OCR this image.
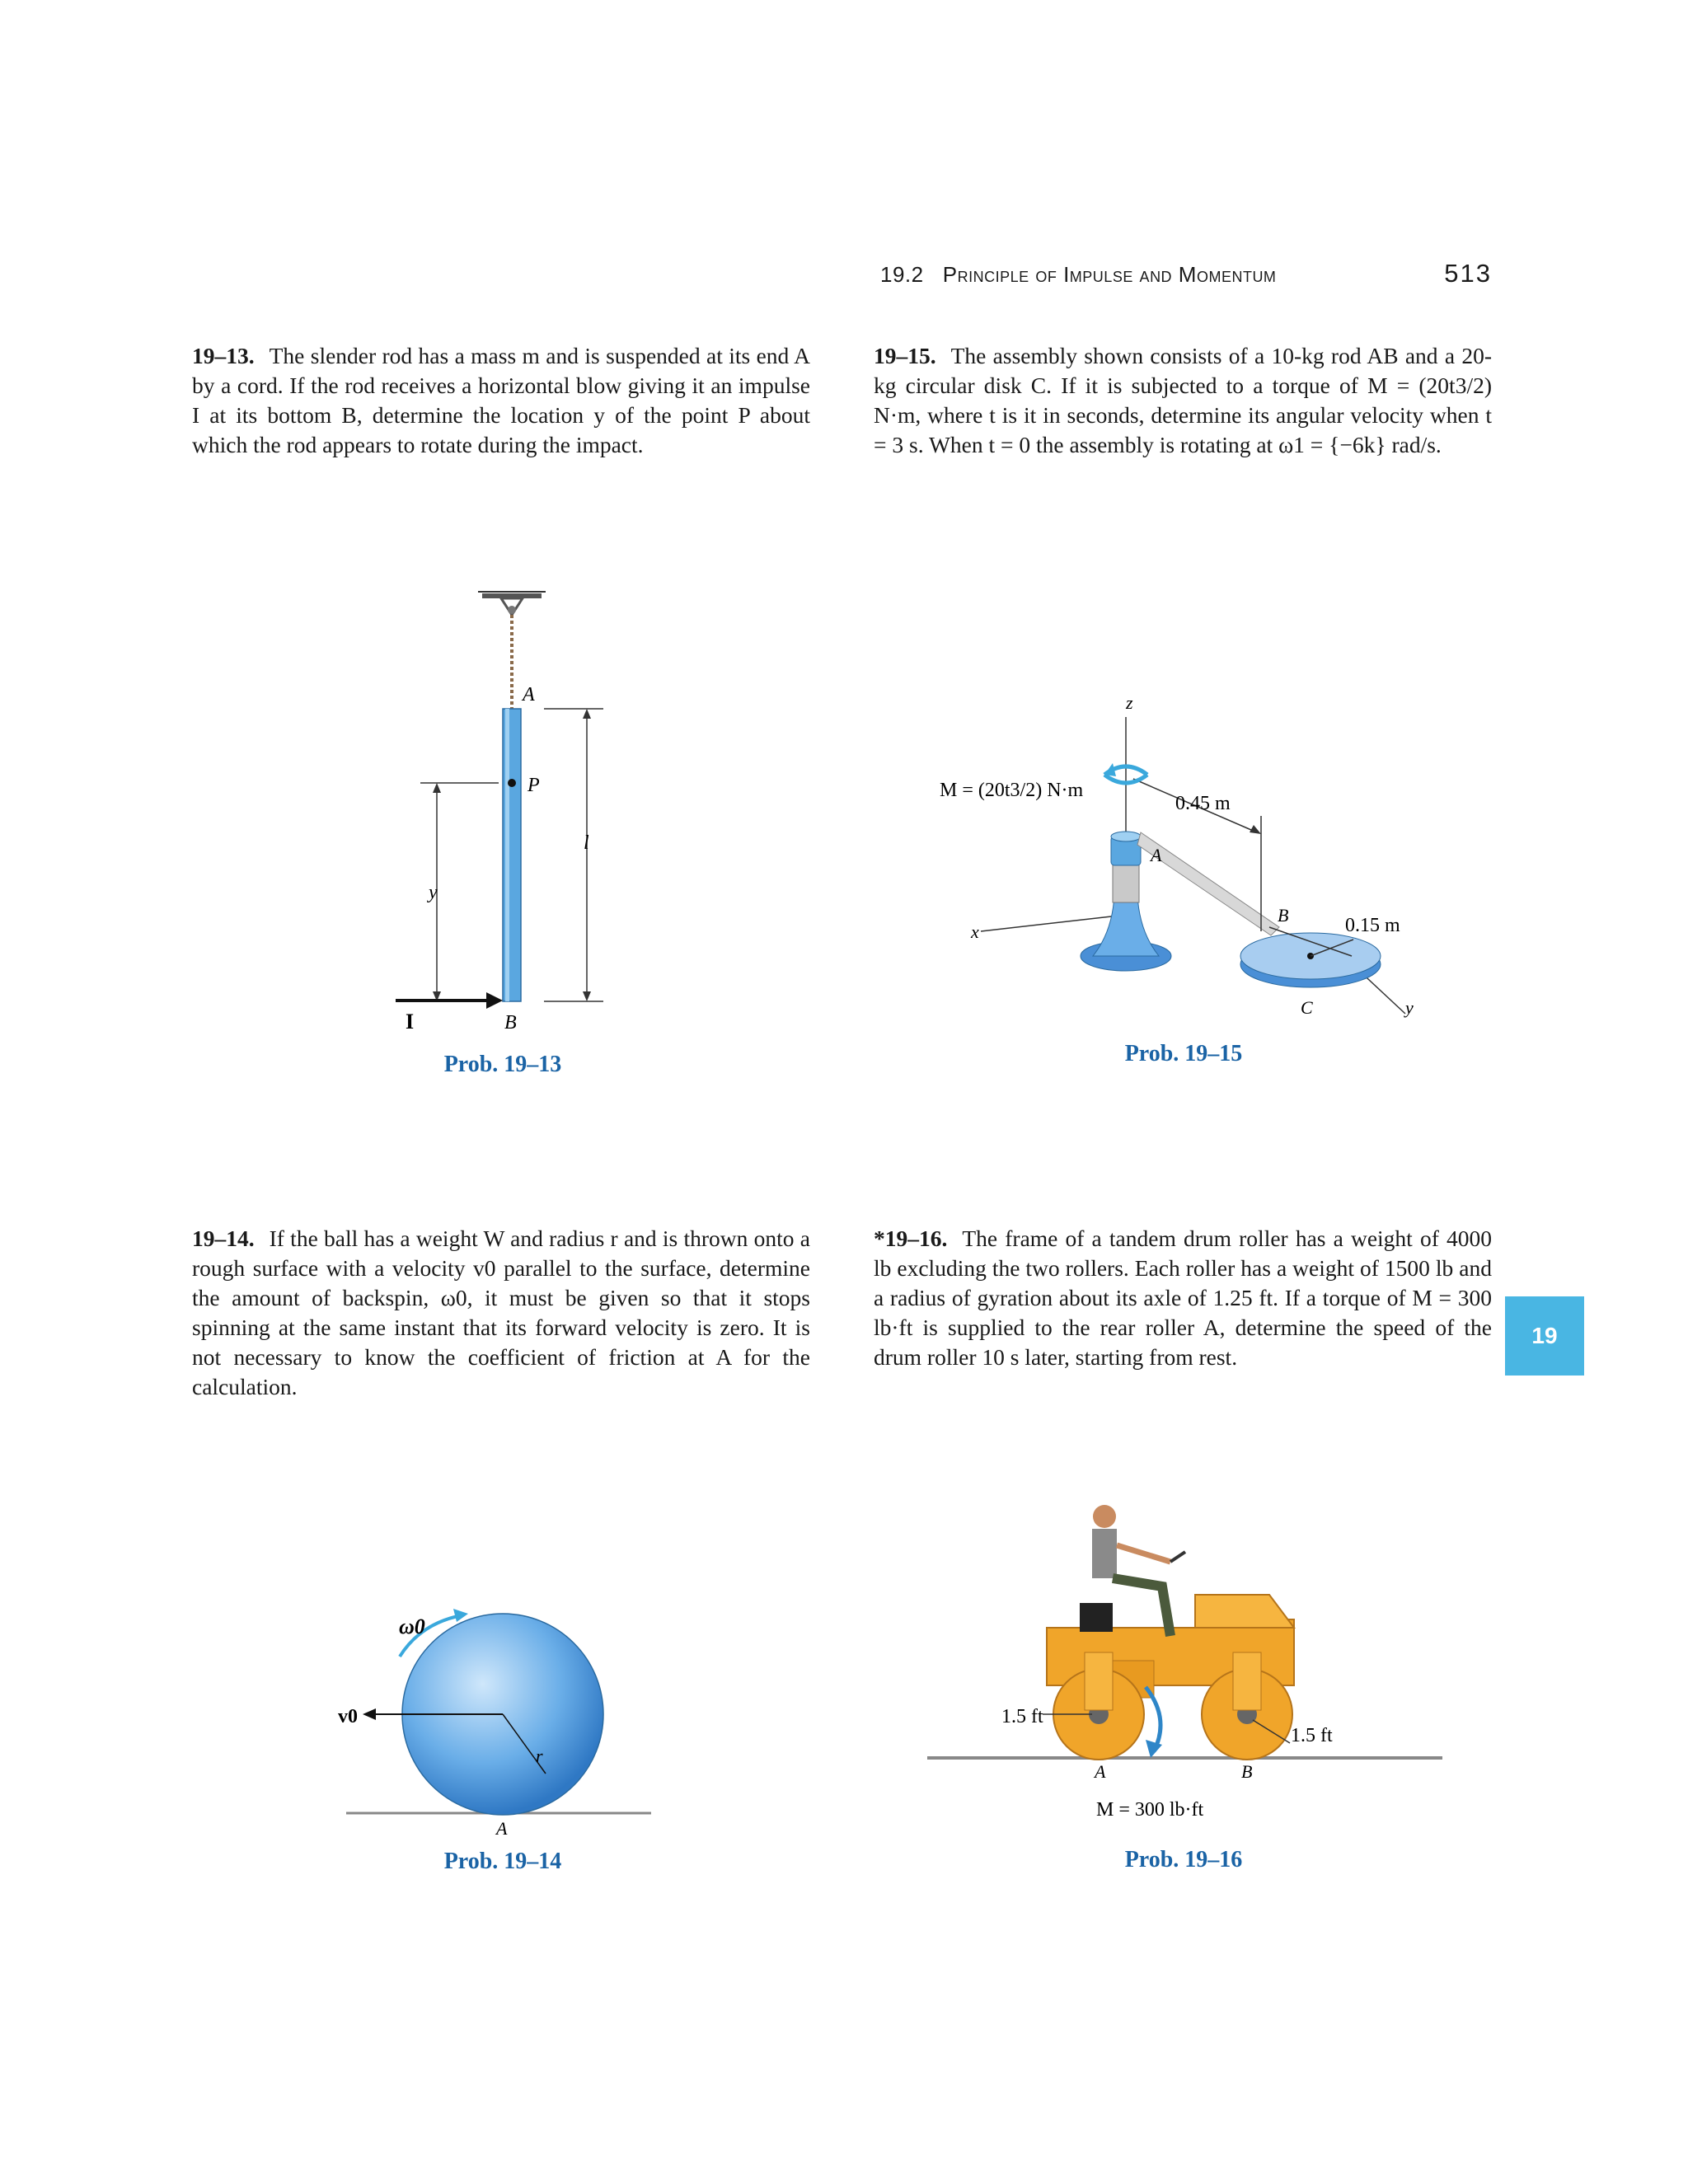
19.2 Principle of Impulse and Momentum	513
19
19–13. The slender rod has a mass m and is suspended at its end A by a cord. If the rod receives a horizontal blow giving it an impulse I at its bottom B, determine the location y of the point P about which the rod appears to rotate during the impact.
19–15. The assembly shown consists of a 10-kg rod AB and a 20-kg circular disk C. If it is subjected to a torque of M = (20t3/2) N·m, where t is it in seconds, determine its angular velocity when t = 3 s. When t = 0 the assembly is rotating at ω1 = {−6k} rad/s.
19–14. If the ball has a weight W and radius r and is thrown onto a rough surface with a velocity v0 parallel to the surface, determine the amount of backspin, ω0, it must be given so that it stops spinning at the same instant that its forward velocity is zero. It is not necessary to know the coefficient of friction at A for the calculation.
*19–16. The frame of a tandem drum roller has a weight of 4000 lb excluding the two rollers. Each roller has a weight of 1500 lb and a radius of gyration about its axle of 1.25 ft. If a torque of M = 300 lb·ft is supplied to the rear roller A, determine the speed of the drum roller 10 s later, starting from rest.
A
P
l
y
I	B
Prob. 19–13
z
M = (20t3/2) N·m
0.45 m
A
B	0.15 m
x
C	y
Prob. 19–15
ω0
v0
r
A
Prob. 19–14
1.5 ft
1.5 ft
A	B
M = 300 lb·ft
Prob. 19–16
